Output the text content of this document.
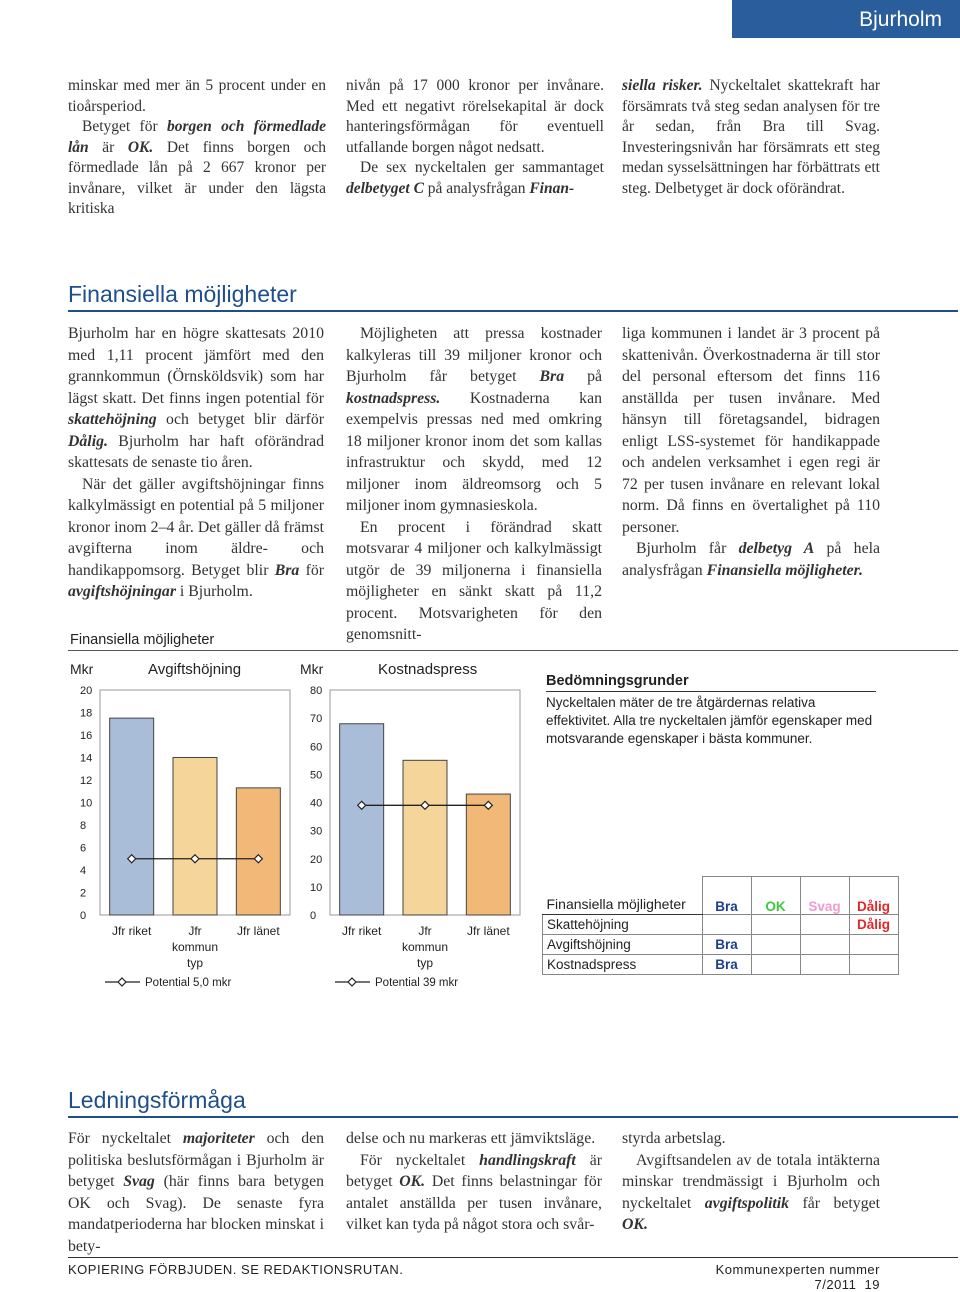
Bjurholm

minskar med mer än 5 procent under en tioårsperiod.

Betyget för borgen och förmedlade lån är OK. Det finns borgen och förmedlade lån på 2 667 kronor per invånare, vilket är under den lägsta kritiska

nivån på 17 000 kronor per invånare. Med ett negativt rörelsekapital är dock hanteringsförmågan för eventuell utfallande borgen något nedsatt.

De sex nyckeltalen ger sammantaget delbetyget C på analysfrågan Finan-

siella risker. Nyckeltalet skattekraft har försämrats två steg sedan analysen för tre år sedan, från Bra till Svag. Investeringsnivån har försämrats ett steg medan sysselsättningen har förbättrats ett steg. Delbetyget är dock oförändrat.

Finansiella möjligheter

Bjurholm har en högre skattesats 2010 med 1,11 procent jämfört med den grannkommun (Örnsköldsvik) som har lägst skatt. Det finns ingen potential för skattehöjning och betyget blir därför Dålig. Bjurholm har haft oförändrad skattesats de senaste tio åren.

När det gäller avgiftshöjningar finns kalkylmässigt en potential på 5 miljoner kronor inom 2–4 år. Det gäller då främst avgifterna inom äldre- och handikappomsorg. Betyget blir Bra för avgiftshöjningar i Bjurholm.

Möjligheten att pressa kostnader kalkyleras till 39 miljoner kronor och Bjurholm får betyget Bra på kostnadspress. Kostnaderna kan exempelvis pressas ned med omkring 18 miljoner kronor inom det som kallas infrastruktur och skydd, med 12 miljoner inom äldreomsorg och 5 miljoner inom gymnasieskola.

En procent i förändrad skatt motsvarar 4 miljoner och kalkylmässigt utgör de 39 miljonerna i finansiella möjligheter en sänkt skatt på 11,2 procent. Motsvarigheten för den genomsnitt-

liga kommunen i landet är 3 procent på skattenivån. Överkostnaderna är till stor del personal eftersom det finns 116 anställda per tusen invånare. Med hänsyn till företagsandel, bidragen enligt LSS-systemet för handikappade och andelen verksamhet i egen regi är 72 per tusen invånare en relevant lokal norm. Då finns en övertalighet på 110 personer.

Bjurholm får delbetyg A på hela analysfrågan Finansiella möjligheter.

Finansiella möjligheter
Mkr	Avgiftshöjning
0
2
4
6
8
10
12
14
16
18
20
Jfr riket	Jfr
kommun
typ
Jfr länet
Potential 5,0 mkr
Mkr	Kostnadspress
0
10
20
30
40
50
60
70
80
Jfr riket	Jfr
kommun
typ
Jfr länet
Potential 39 mkr
Bedömningsgrunder
Nyckeltalen mäter de tre åtgärdernas relativa effektivitet. Alla tre nyckeltalen jämför egenskaper med motsvarande egenskaper i bästa kommuner.
Finansiella möjligheter	Bra	OK	Svag	Dålig
Skattehöjning				Dålig
Avgiftshöjning	Bra			
Kostnadspress	Bra			
Ledningsförmåga

För nyckeltalet majoriteter och den politiska beslutsförmågan i Bjurholm är betyget Svag (här finns bara betygen OK och Svag). De senaste fyra mandatperioderna har blocken minskat i bety-

delse och nu markeras ett jämviktsläge.

För nyckeltalet handlingskraft är betyget OK. Det finns belastningar för antalet anställda per tusen invånare, vilket kan tyda på något stora och svår-

styrda arbetslag.

Avgiftsandelen av de totala intäkterna minskar trendmässigt i Bjurholm och nyckeltalet avgiftspolitik får betyget OK.

KOPIERING FÖRBJUDEN. SE REDAKTIONSRUTAN.	Kommunexperten nummer 7/2011 19
